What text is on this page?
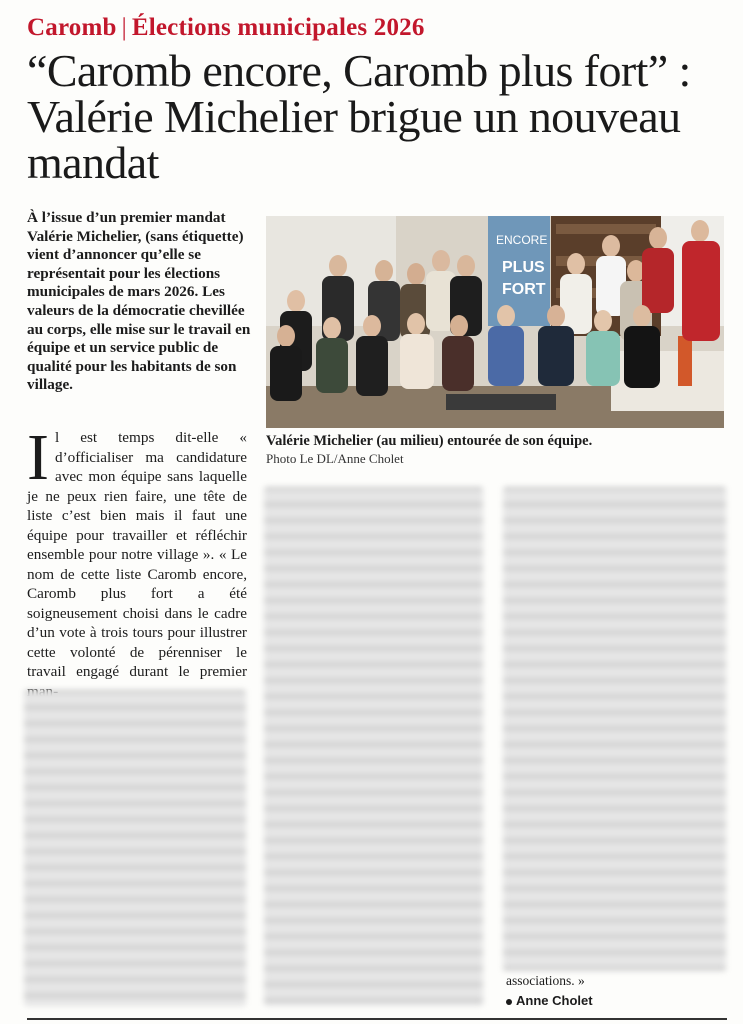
Caromb | Élections municipales 2026
“Caromb encore, Caromb plus fort” : Valérie Michelier brigue un nouveau mandat

À l’issue d’un premier mandat Valérie Michelier, (sans étiquette) vient d’annoncer qu’elle se représentait pour les élections municipales de mars 2026. Les valeurs de la démocratie chevillée au corps, elle mise sur le travail en équipe et un service public de qualité pour les habitants de son village.

ENCORE
PLUS
FORT

Valérie Michelier (au milieu) entourée de son équipe.
Photo Le DL/Anne Cholet

Il est temps dit-elle « d’officialiser ma candidature avec mon équipe sans laquelle je ne peux rien faire, une tête de liste c’est bien mais il faut une équipe pour travailler et réfléchir ensemble pour notre village ». « Le nom de cette liste Caromb encore, Caromb plus fort a été soigneusement choisi dans le cadre d’un vote à trois tours pour illustrer cette volonté de pérenniser le travail engagé durant le premier

associations. »

Anne Cholet
